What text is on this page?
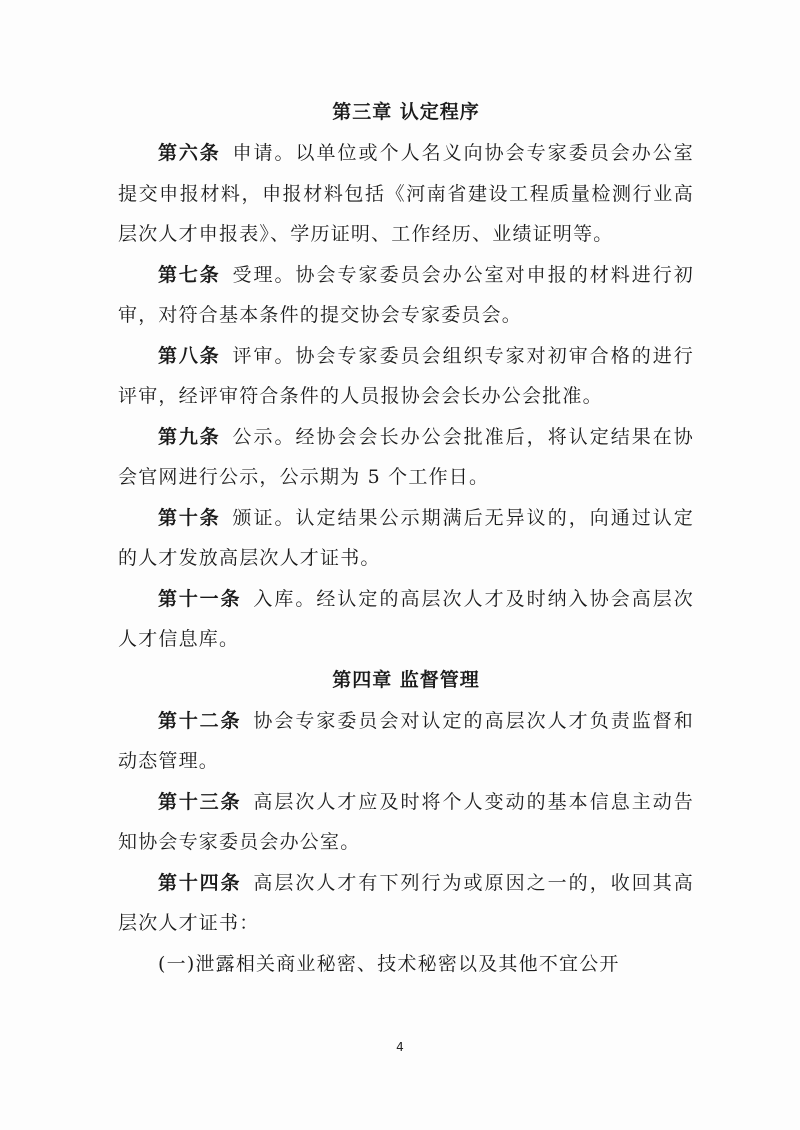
第三章 认定程序

第六条 申请。以单位或个人名义向协会专家委员会办公室提交申报材料，申报材料包括《河南省建设工程质量检测行业高层次人才申报表》、学历证明、工作经历、业绩证明等。

第七条 受理。协会专家委员会办公室对申报的材料进行初审，对符合基本条件的提交协会专家委员会。

第八条 评审。协会专家委员会组织专家对初审合格的进行评审，经评审符合条件的人员报协会会长办公会批准。

第九条 公示。经协会会长办公会批准后，将认定结果在协会官网进行公示，公示期为 5 个工作日。

第十条 颁证。认定结果公示期满后无异议的，向通过认定的人才发放高层次人才证书。

第十一条 入库。经认定的高层次人才及时纳入协会高层次人才信息库。

第四章 监督管理

第十二条 协会专家委员会对认定的高层次人才负责监督和动态管理。

第十三条 高层次人才应及时将个人变动的基本信息主动告知协会专家委员会办公室。

第十四条 高层次人才有下列行为或原因之一的，收回其高层次人才证书：

(一)泄露相关商业秘密、技术秘密以及其他不宜公开

4
